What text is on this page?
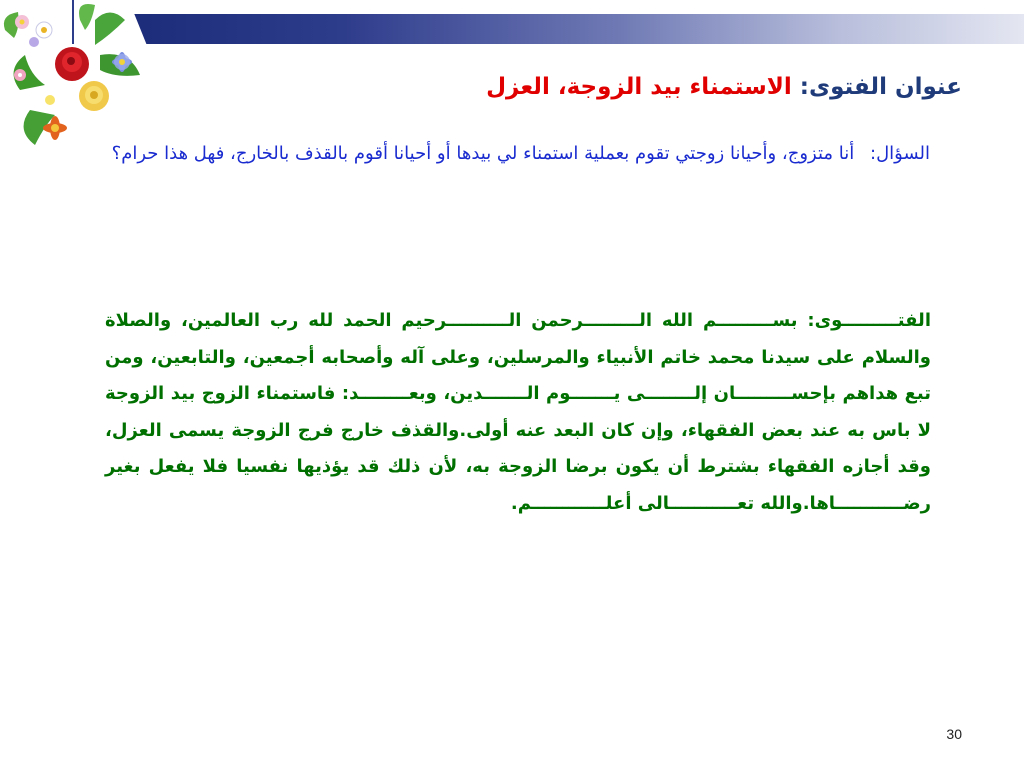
عنوان الفتوى: الاستمناء بيد الزوجة، العزل
السؤال: أنا متزوج، وأحيانا زوجتي تقوم بعملية استمناء لي بيدها أو أحيانا أقوم بالقذف بالخارج، فهل هذا حرام؟
الفتـــــــــوى: بســـــــــم الله الـــــــــرحمن الــــــــــرحيم الحمد لله رب العالمين، والصلاة والسلام على سيدنا محمد خاتم الأنبياء والمرسلين، وعلى آله وأصحابه أجمعين، والتابعين، ومن تبع هداهم بإحســـــــــان إلــــــــى يـــــــوم الـــــــدين، وبعــــــــد: فاستمناء الزوج بيد الزوجة لا باس به عند بعض الفقهاء، وإن كان البعد عنه أولى.والقذف خارج فرج الزوجة يسمى العزل، وقد أجازه الفقهاء بشترط أن يكون برضا الزوجة به، لأن ذلك قد يؤذيها نفسيا فلا يفعل بغير رضـــــــــــاها.والله تعـــــــــــالى أعلــــــــــــم.
30
